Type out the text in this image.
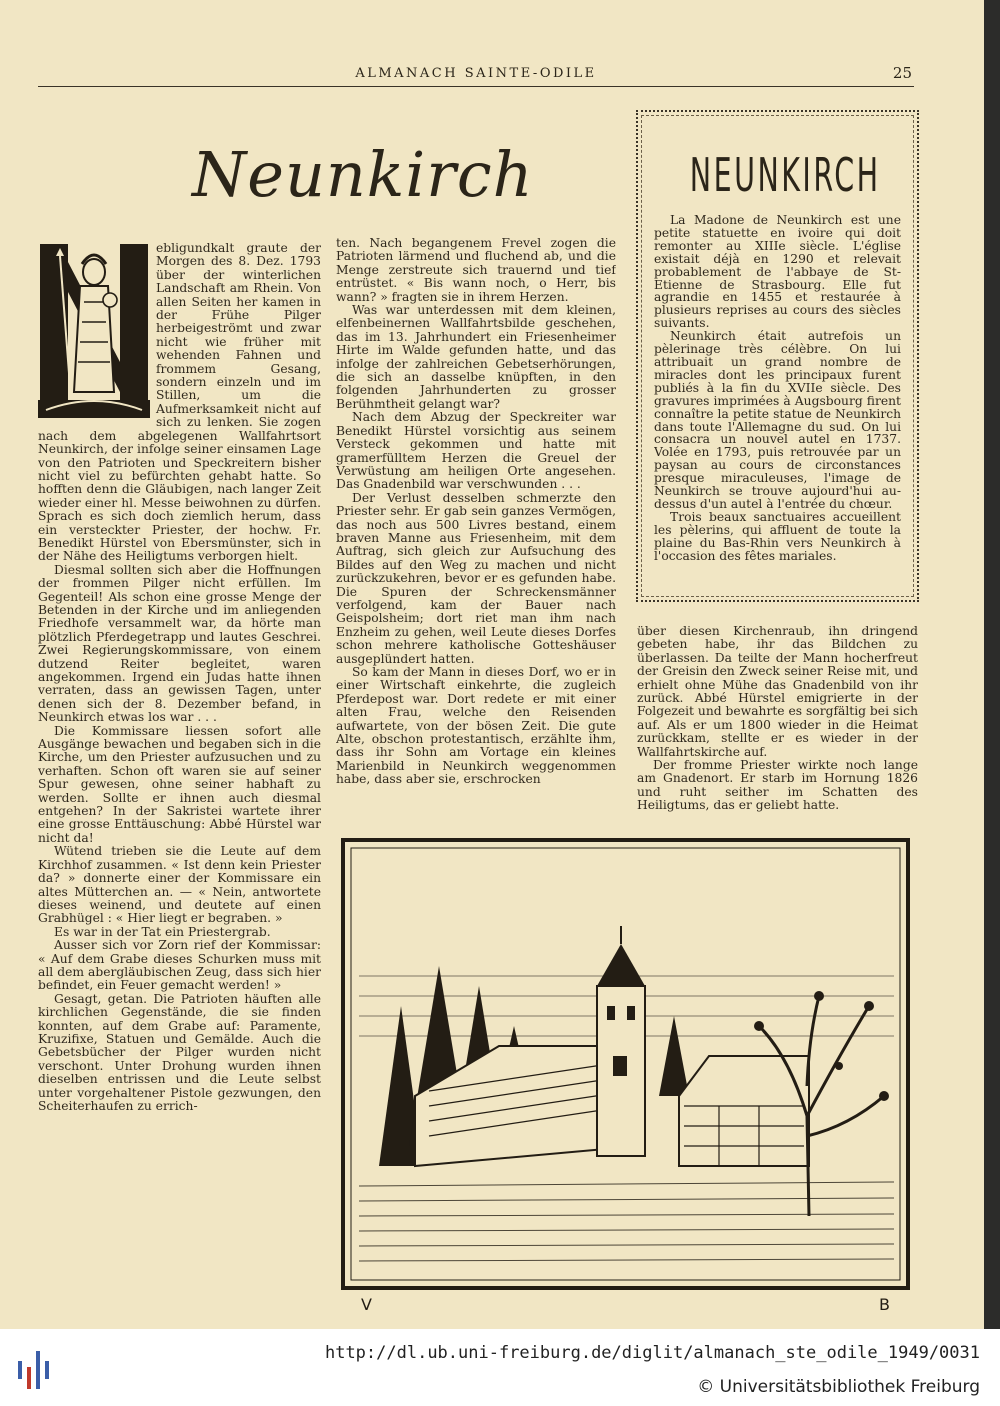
ALMANACH SAINTE-ODILE	25
Neunkirch

ebligundkalt graute der Morgen des 8. Dez. 1793 über der winterlichen Landschaft am Rhein. Von allen Seiten her kamen in der Frühe Pilger herbeigeströmt und zwar nicht wie früher mit wehenden Fahnen und frommem Gesang, sondern einzeln und im Stillen, um die Aufmerksamkeit nicht auf sich zu lenken. Sie zogen nach dem abgelegenen Wallfahrtsort Neunkirch, der infolge seiner einsamen Lage von den Patrioten und Speckreitern bisher nicht viel zu befürchten gehabt hatte. So hofften denn die Gläubigen, nach langer Zeit wieder einer hl. Messe beiwohnen zu dürfen. Sprach es sich doch ziemlich herum, dass ein versteckter Priester, der hochw. Fr. Benedikt Hürstel von Ebersmünster, sich in der Nähe des Heiligtums verborgen hielt.

Diesmal sollten sich aber die Hoffnungen der frommen Pilger nicht erfüllen. Im Gegenteil! Als schon eine grosse Menge der Betenden in der Kirche und im anliegenden Friedhofe versammelt war, da hörte man plötzlich Pferdegetrapp und lautes Geschrei. Zwei Regierungskommissare, von einem dutzend Reiter begleitet, waren angekommen. Irgend ein Judas hatte ihnen verraten, dass an gewissen Tagen, unter denen sich der 8. Dezember befand, in Neunkirch etwas los war . . .

Die Kommissare liessen sofort alle Ausgänge bewachen und begaben sich in die Kirche, um den Priester aufzusuchen und zu verhaften. Schon oft waren sie auf seiner Spur gewesen, ohne seiner habhaft zu werden. Sollte er ihnen auch diesmal entgehen? In der Sakristei wartete ihrer eine grosse Enttäuschung: Abbé Hürstel war nicht da!

Wütend trieben sie die Leute auf dem Kirchhof zusammen. « Ist denn kein Priester da? » donnerte einer der Kommissare ein altes Mütterchen an. — « Nein, antwortete dieses weinend, und deutete auf einen Grabhügel : « Hier liegt er begraben. »

Es war in der Tat ein Priestergrab.

Ausser sich vor Zorn rief der Kommissar: « Auf dem Grabe dieses Schurken muss mit all dem abergläubischen Zeug, dass sich hier befindet, ein Feuer gemacht werden! »

Gesagt, getan. Die Patrioten häuften alle kirchlichen Gegenstände, die sie finden konnten, auf dem Grabe auf: Paramente, Kruzifixe, Statuen und Gemälde. Auch die Gebetsbücher der Pilger wurden nicht verschont. Unter Drohung wurden ihnen dieselben entrissen und die Leute selbst unter vorgehaltener Pistole gezwungen, den Scheiterhaufen zu errich-

ten. Nach begangenem Frevel zogen die Patrioten lärmend und fluchend ab, und die Menge zerstreute sich trauernd und tief entrüstet. « Bis wann noch, o Herr, bis wann? » fragten sie in ihrem Herzen.

Was war unterdessen mit dem kleinen, elfenbeinernen Wallfahrtsbilde geschehen, das im 13. Jahrhundert ein Friesenheimer Hirte im Walde gefunden hatte, und das infolge der zahlreichen Gebetserhörungen, die sich an dasselbe knüpften, in den folgenden Jahrhunderten zu grosser Berühmtheit gelangt war?

Nach dem Abzug der Speckreiter war Benedikt Hürstel vorsichtig aus seinem Versteck gekommen und hatte mit gramerfülltem Herzen die Greuel der Verwüstung am heiligen Orte angesehen. Das Gnadenbild war verschwunden . . .

Der Verlust desselben schmerzte den Priester sehr. Er gab sein ganzes Vermögen, das noch aus 500 Livres bestand, einem braven Manne aus Friesenheim, mit dem Auftrag, sich gleich zur Aufsuchung des Bildes auf den Weg zu machen und nicht zurückzukehren, bevor er es gefunden habe. Die Spuren der Schreckensmänner verfolgend, kam der Bauer nach Geispolsheim; dort riet man ihm nach Enzheim zu gehen, weil Leute dieses Dorfes schon mehrere katholische Gotteshäuser ausgeplündert hatten.

So kam der Mann in dieses Dorf, wo er in einer Wirtschaft einkehrte, die zugleich Pferdepost war. Dort redete er mit einer alten Frau, welche den Reisenden aufwartete, von der bösen Zeit. Die gute Alte, obschon protestantisch, erzählte ihm, dass ihr Sohn am Vortage ein kleines Marienbild in Neunkirch weggenommen habe, dass aber sie, erschrocken

NEUNKIRCH

La Madone de Neunkirch est une petite statuette en ivoire qui doit remonter au XIIIe siècle. L'église existait déjà en 1290 et relevait probablement de l'abbaye de St-Etienne de Strasbourg. Elle fut agrandie en 1455 et restaurée à plusieurs reprises au cours des siècles suivants.

Neunkirch était autrefois un pèlerinage très célèbre. On lui attribuait un grand nombre de miracles dont les principaux furent publiés à la fin du XVIIe siècle. Des gravures imprimées à Augsbourg firent connaître la petite statue de Neunkirch dans toute l'Allemagne du sud. On lui consacra un nouvel autel en 1737. Volée en 1793, puis retrouvée par un paysan au cours de circonstances presque miraculeuses, l'image de Neunkirch se trouve aujourd'hui au-dessus d'un autel à l'entrée du chœur.

Trois beaux sanctuaires accueillent les pèlerins, qui affluent de toute la plaine du Bas-Rhin vers Neunkirch à l'occasion des fêtes mariales.

über diesen Kirchenraub, ihn dringend gebeten habe, ihr das Bildchen zu überlassen. Da teilte der Mann hocherfreut der Greisin den Zweck seiner Reise mit, und erhielt ohne Mühe das Gnadenbild von ihr zurück. Abbé Hürstel emigrierte in der Folgezeit und bewahrte es sorgfältig bei sich auf. Als er um 1800 wieder in die Heimat zurückkam, stellte er es wieder in der Wallfahrtskirche auf.

Der fromme Priester wirkte noch lange am Gnadenort. Er starb im Hornung 1826 und ruht seither im Schatten des Heiligtums, das er geliebt hatte.

V	B
http://dl.ub.uni-freiburg.de/diglit/almanach_ste_odile_1949/0031
© Universitätsbibliothek Freiburg
